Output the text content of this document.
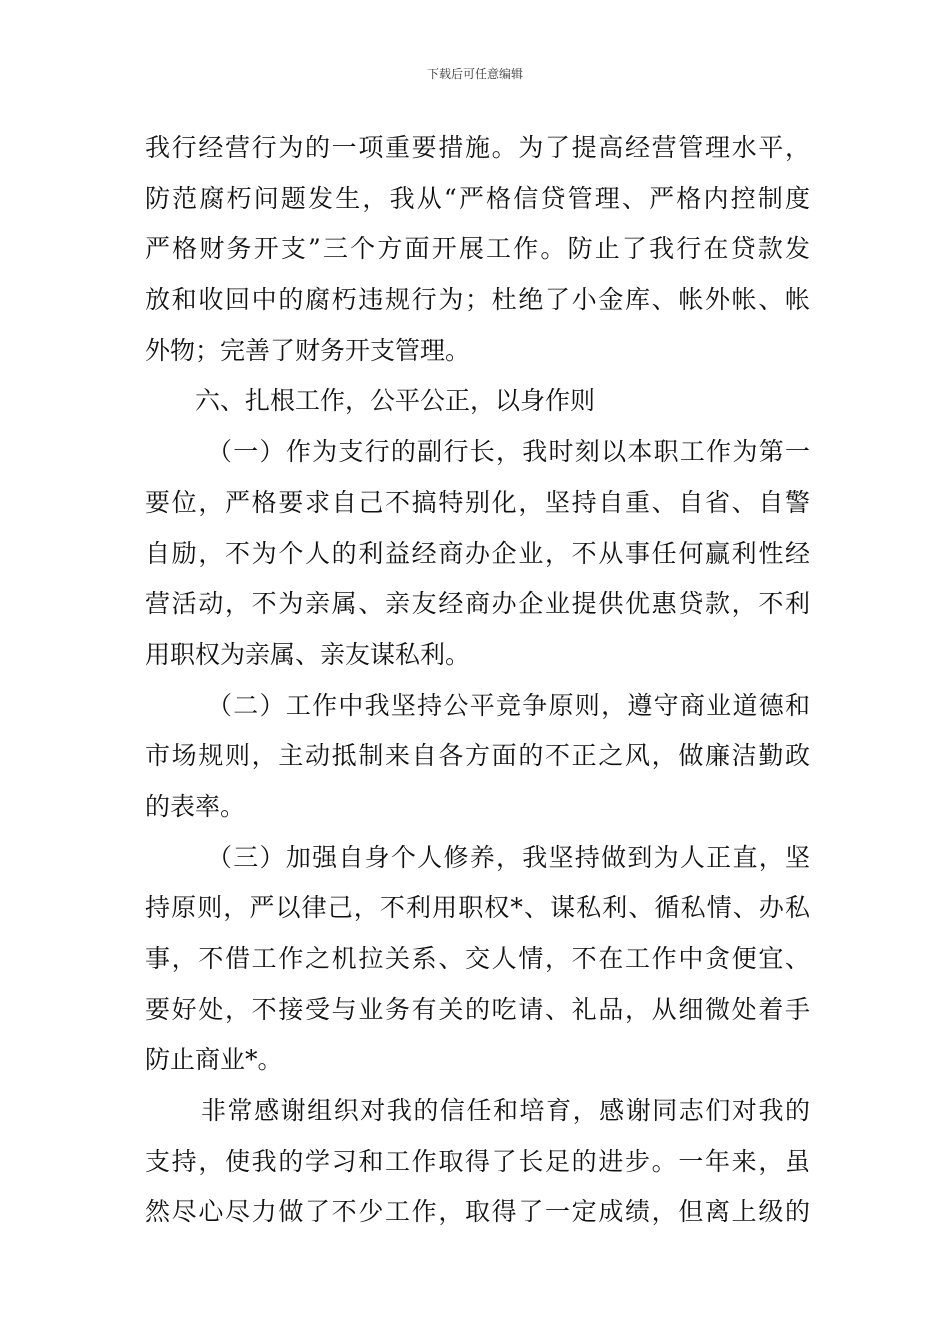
下载后可任意编辑
我行经营行为的一项重要措施。为了提高经营管理水平，
防范腐朽问题发生，我从“严格信贷管理、严格内控制度
严格财务开支”三个方面开展工作。防止了我行在贷款发
放和收回中的腐朽违规行为；杜绝了小金库、帐外帐、帐
外物；完善了财务开支管理。
六、扎根工作，公平公正，以身作则
（一）作为支行的副行长，我时刻以本职工作为第一
要位，严格要求自己不搞特别化，坚持自重、自省、自警
自励，不为个人的利益经商办企业，不从事任何赢利性经
营活动，不为亲属、亲友经商办企业提供优惠贷款，不利
用职权为亲属、亲友谋私利。
（二）工作中我坚持公平竞争原则，遵守商业道德和
市场规则，主动抵制来自各方面的不正之风，做廉洁勤政
的表率。
（三）加强自身个人修养，我坚持做到为人正直，坚
持原则，严以律己，不利用职权*、谋私利、循私情、办私
事，不借工作之机拉关系、交人情，不在工作中贪便宜、
要好处，不接受与业务有关的吃请、礼品，从细微处着手
防止商业*。
非常感谢组织对我的信任和培育，感谢同志们对我的
支持，使我的学习和工作取得了长足的进步。一年来，虽
然尽心尽力做了不少工作，取得了一定成绩，但离上级的
